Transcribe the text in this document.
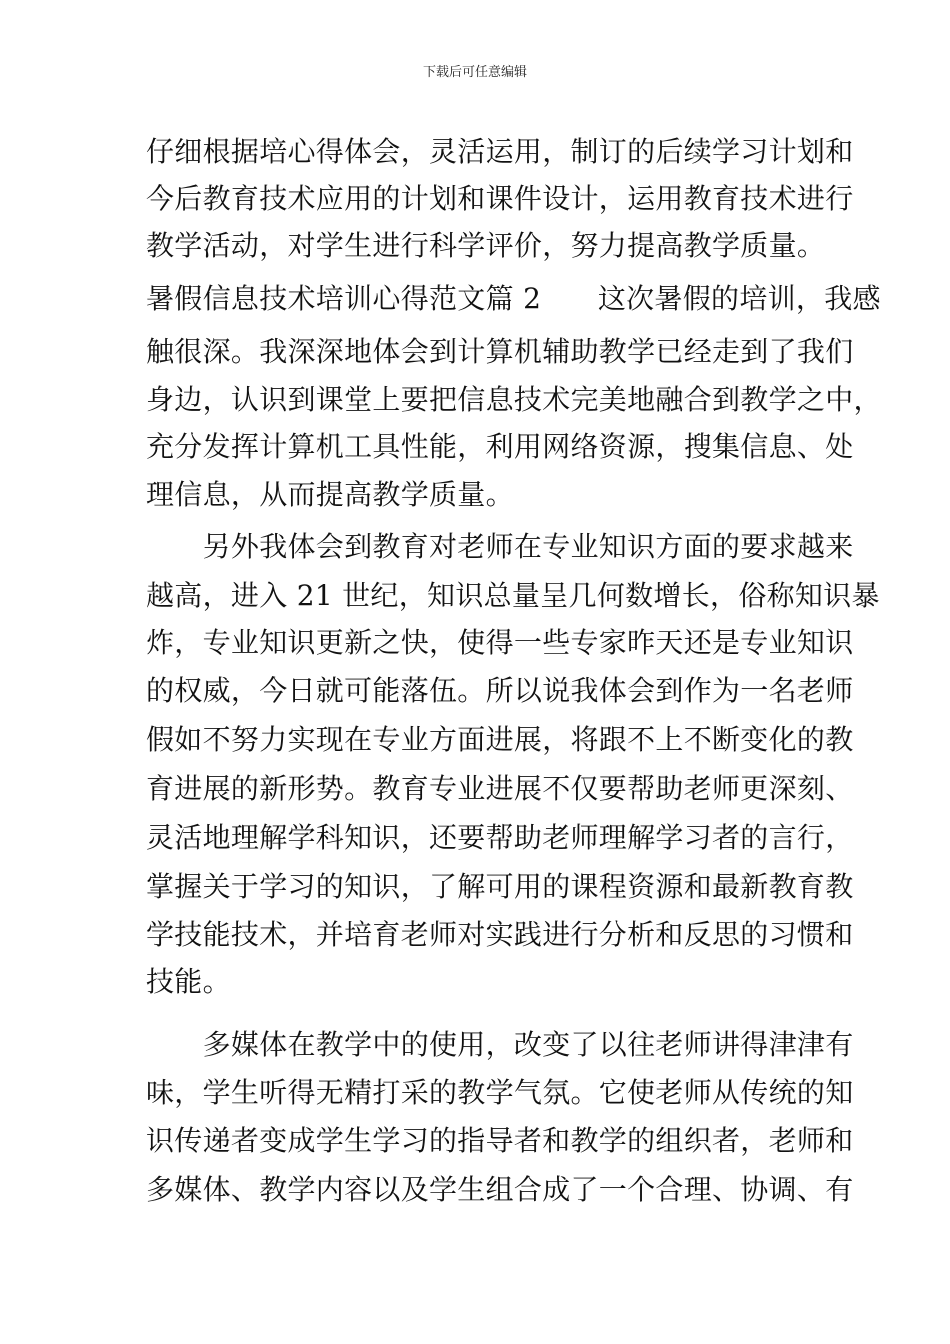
下载后可任意编辑
仔细根据培心得体会，灵活运用，制订的后续学习计划和
今后教育技术应用的计划和课件设计，运用教育技术进行
教学活动，对学生进行科学评价，努力提高教学质量。
暑假信息技术培训心得范文篇 2　　这次暑假的培训，我感
触很深。我深深地体会到计算机辅助教学已经走到了我们
身边，认识到课堂上要把信息技术完美地融合到教学之中，
充分发挥计算机工具性能，利用网络资源，搜集信息、处
理信息，从而提高教学质量。
　　另外我体会到教育对老师在专业知识方面的要求越来
越高，进入 21 世纪，知识总量呈几何数增长，俗称知识暴
炸，专业知识更新之快，使得一些专家昨天还是专业知识
的权威，今日就可能落伍。所以说我体会到作为一名老师
假如不努力实现在专业方面进展，将跟不上不断变化的教
育进展的新形势。教育专业进展不仅要帮助老师更深刻、
灵活地理解学科知识，还要帮助老师理解学习者的言行，
掌握关于学习的知识，了解可用的课程资源和最新教育教
学技能技术，并培育老师对实践进行分析和反思的习惯和
技能。
　　多媒体在教学中的使用，改变了以往老师讲得津津有
味，学生听得无精打采的教学气氛。它使老师从传统的知
识传递者变成学生学习的指导者和教学的组织者，老师和
多媒体、教学内容以及学生组合成了一个合理、协调、有
